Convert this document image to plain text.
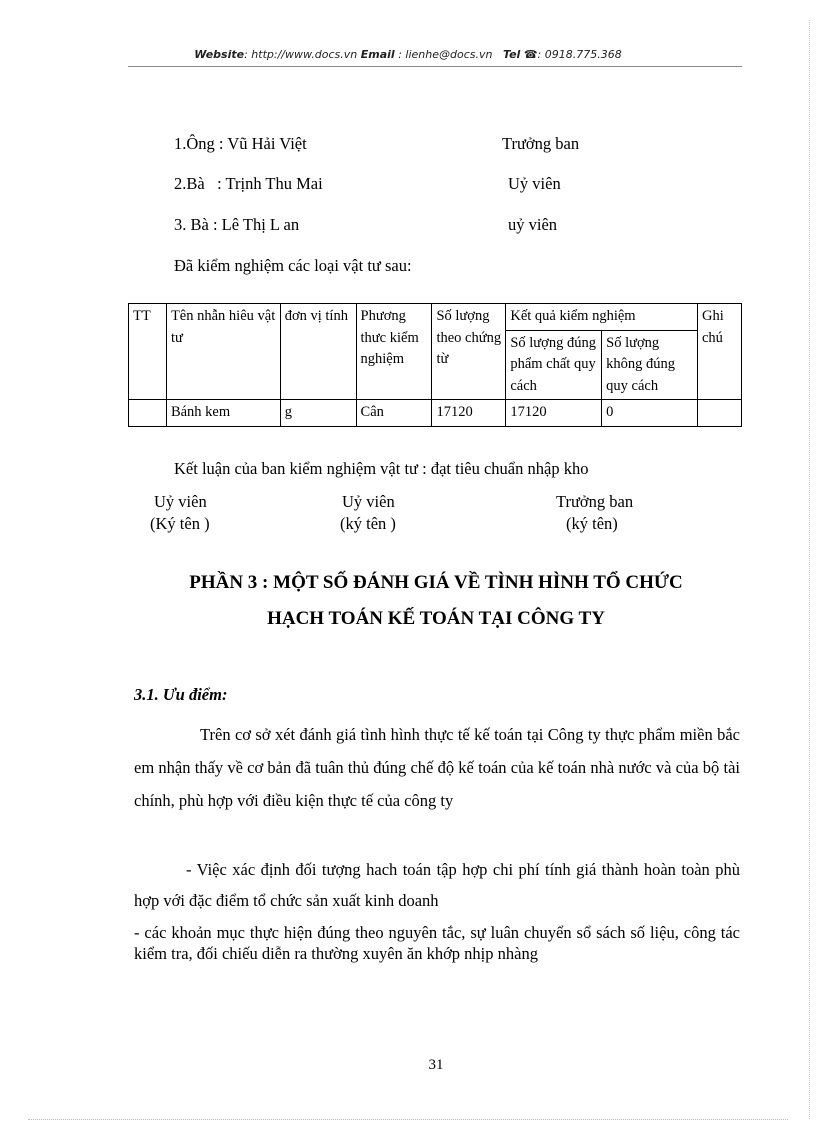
Website: http://www.docs.vn Email : lienhe@docs.vn Tel ☎: 0918.775.368
1.Ông : Vũ Hải Việt	Trưởng ban
2.Bà   : Trịnh Thu Mai	Uỷ viên
3. Bà : Lê Thị L an	uỷ viên
Đã kiểm nghiệm các loại vật tư sau:
TT	Tên nhẫn hiêu vật tư	đơn vị tính	Phương thưc kiểm nghiệm	Số lượng theo chứng từ	Kết quả kiểm nghiệm		Ghi chú
					Số lượng đúng phẩm chất quy cách	Số lượng không đúng quy cách	
	Bánh kem	g	Cân	17120	17120	0	
Kết luận của ban kiểm nghiệm vật tư : đạt tiêu chuẩn nhập kho
Uỷ viên
(Ký tên )
Uỷ viên
(ký tên )
Trưởng ban
(ký tên)
PHẦN 3 : MỘT SỐ ĐÁNH GIÁ VỀ TÌNH HÌNH TỔ CHỨC
HẠCH TOÁN KẾ TOÁN TẠI CÔNG TY
3.1. Ưu điểm:
Trên cơ sở xét đánh giá tình hình thực tế kế toán tại Công ty thực phẩm miền bắc em nhận thấy về cơ bản đã tuân thủ đúng chế độ kế toán của kế toán nhà nước và của bộ tài chính, phù hợp với điều kiện thực tế của công ty
- Việc xác định đối tượng hach toán tập hợp chi phí tính giá thành hoàn toàn phù hợp với đặc điểm tổ chức sản xuất kinh doanh
- các khoản mục thực hiện đúng theo nguyên tắc, sự luân chuyển sổ sách số liệu, công tác kiểm tra, đối chiếu diễn ra thường xuyên ăn khớp nhịp nhàng
31
